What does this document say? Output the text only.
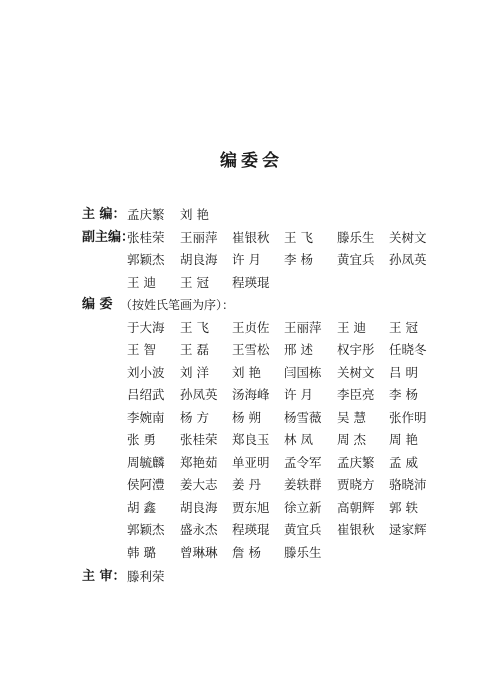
编委会
主 编： 孟庆繁	刘 艳
副主编：
张桂荣	王丽萍	崔银秋	王 飞	滕乐生	关树文
郭颖杰	胡良海	许 月	李 杨	黄宜兵	孙凤英
王 迪	王 冠	程瑛琨
编 委 （按姓氏笔画为序）：
于大海	王 飞	王贞佐	王丽萍	王 迪	王 冠
王 智	王 磊	王雪松	邢 述	权宇彤	任晓冬
刘小波	刘 洋	刘 艳	闫国栋	关树文	吕 明
吕绍武	孙凤英	汤海峰	许 月	李臣亮	李 杨
李婉南	杨 方	杨 朔	杨雪薇	吴 慧	张作明
张 勇	张桂荣	郑良玉	林 凤	周 杰	周 艳
周毓麟	郑艳茹	单亚明	孟令军	孟庆繁	孟 威
侯阿澧	姜大志	姜 丹	姜轶群	贾晓方	骆晓沛
胡 鑫	胡良海	贾东旭	徐立新	高朝辉	郭 轶
郭颖杰	盛永杰	程瑛琨	黄宜兵	崔银秋	逯家辉
韩 璐	曾琳琳	詹 杨	滕乐生
主 审： 滕利荣
